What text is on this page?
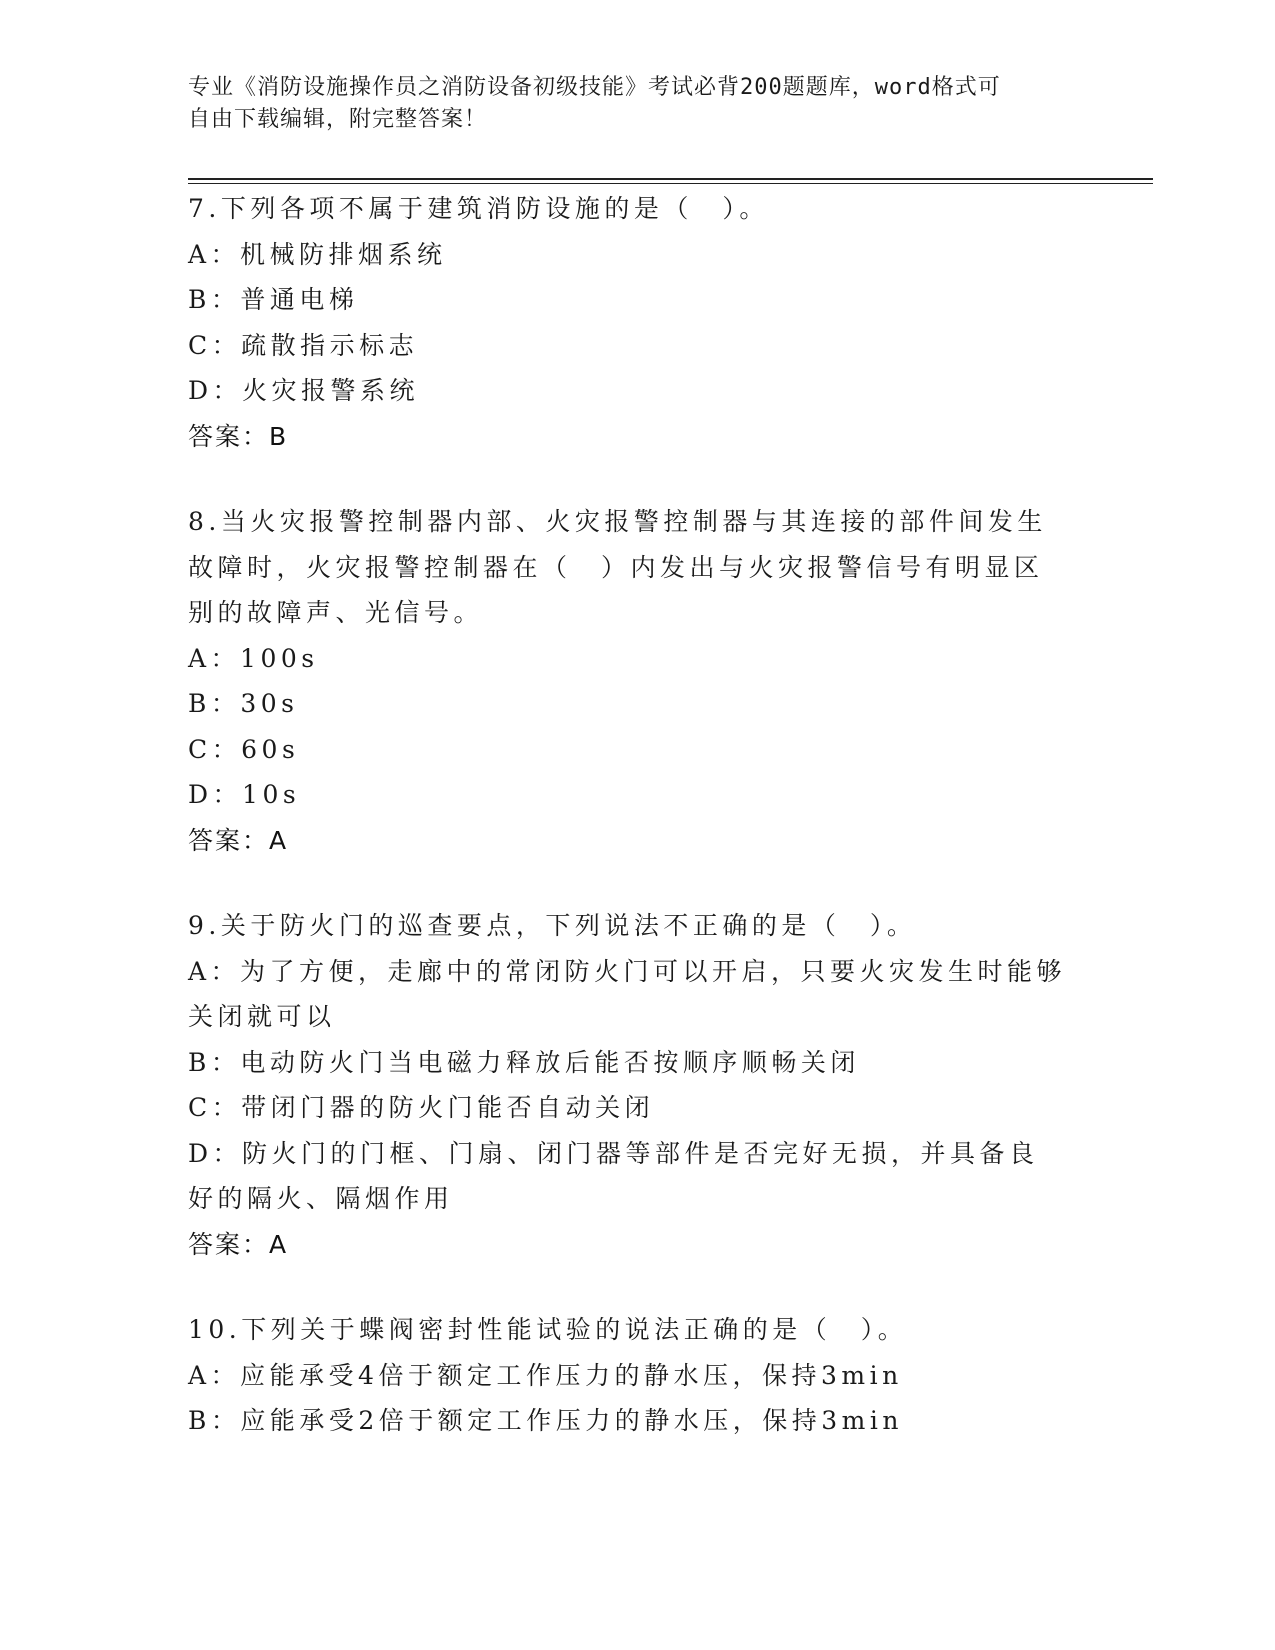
专业《消防设施操作员之消防设备初级技能》考试必背200题题库，word格式可
自由下载编辑，附完整答案！
7.下列各项不属于建筑消防设施的是（　）。
A：机械防排烟系统
B：普通电梯
C：疏散指示标志
D：火灾报警系统
答案：B
8.当火灾报警控制器内部、火灾报警控制器与其连接的部件间发生故障时，火灾报警控制器在（　）内发出与火灾报警信号有明显区别的故障声、光信号。
A：100s
B：30s
C：60s
D：10s
答案：A
9.关于防火门的巡查要点，下列说法不正确的是（　）。
A：为了方便，走廊中的常闭防火门可以开启，只要火灾发生时能够关闭就可以
B：电动防火门当电磁力释放后能否按顺序顺畅关闭
C：带闭门器的防火门能否自动关闭
D：防火门的门框、门扇、闭门器等部件是否完好无损，并具备良好的隔火、隔烟作用
答案：A
10.下列关于蝶阀密封性能试验的说法正确的是（　）。
A：应能承受4倍于额定工作压力的静水压，保持3min
B：应能承受2倍于额定工作压力的静水压，保持3min
